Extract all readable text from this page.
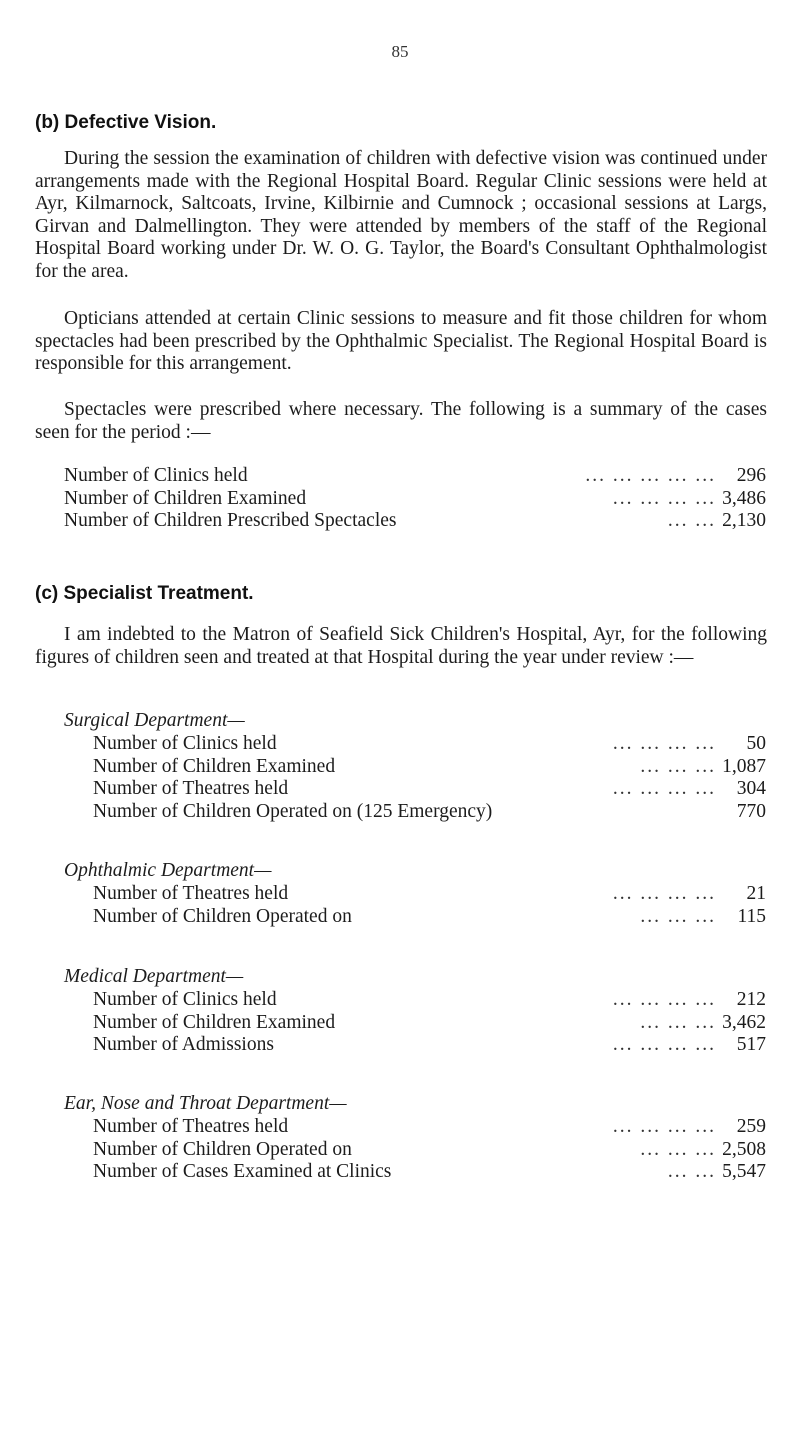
85
(b) Defective Vision.

During the session the examination of children with defective vision was continued under arrangements made with the Regional Hospital Board. Regular Clinic sessions were held at Ayr, Kilmarnock, Saltcoats, Irvine, Kilbirnie and Cumnock ; occasional sessions at Largs, Girvan and Dalmellington. They were attended by members of the staff of the Regional Hospital Board working under Dr. W. O. G. Taylor, the Board's Consultant Ophthalmologist for the area.

Opticians attended at certain Clinic sessions to measure and fit those children for whom spectacles had been prescribed by the Ophthalmic Specialist. The Regional Hospital Board is responsible for this arrangement.

Spectacles were prescribed where necessary. The following is a summary of the cases seen for the period :—

Number of Clinics held	... ... ... ... ...	296
Number of Children Examined	... ... ... ... 3,486
Number of Children Prescribed Spectacles	... ... 2,130
(c) Specialist Treatment.

I am indebted to the Matron of Seafield Sick Children's Hospital, Ayr, for the following figures of children seen and treated at that Hospital during the year under review :—

Surgical Department—

Number of Clinics held	... ... ... ...	50
Number of Children Examined	... ... ... 1,087
Number of Theatres held	... ... ... ...	304
Number of Children Operated on (125 Emergency)	770

Ophthalmic Department—

Number of Theatres held	... ... ... ...	21
Number of Children Operated on	... ... ...	115

Medical Department—

Number of Clinics held	... ... ... ...	212
Number of Children Examined	... ... ... 3,462
Number of Admissions	... ... ... ...	517

Ear, Nose and Throat Department—

Number of Theatres held	... ... ... ...	259
Number of Children Operated on	... ... ... 2,508
Number of Cases Examined at Clinics	... ... 5,547
